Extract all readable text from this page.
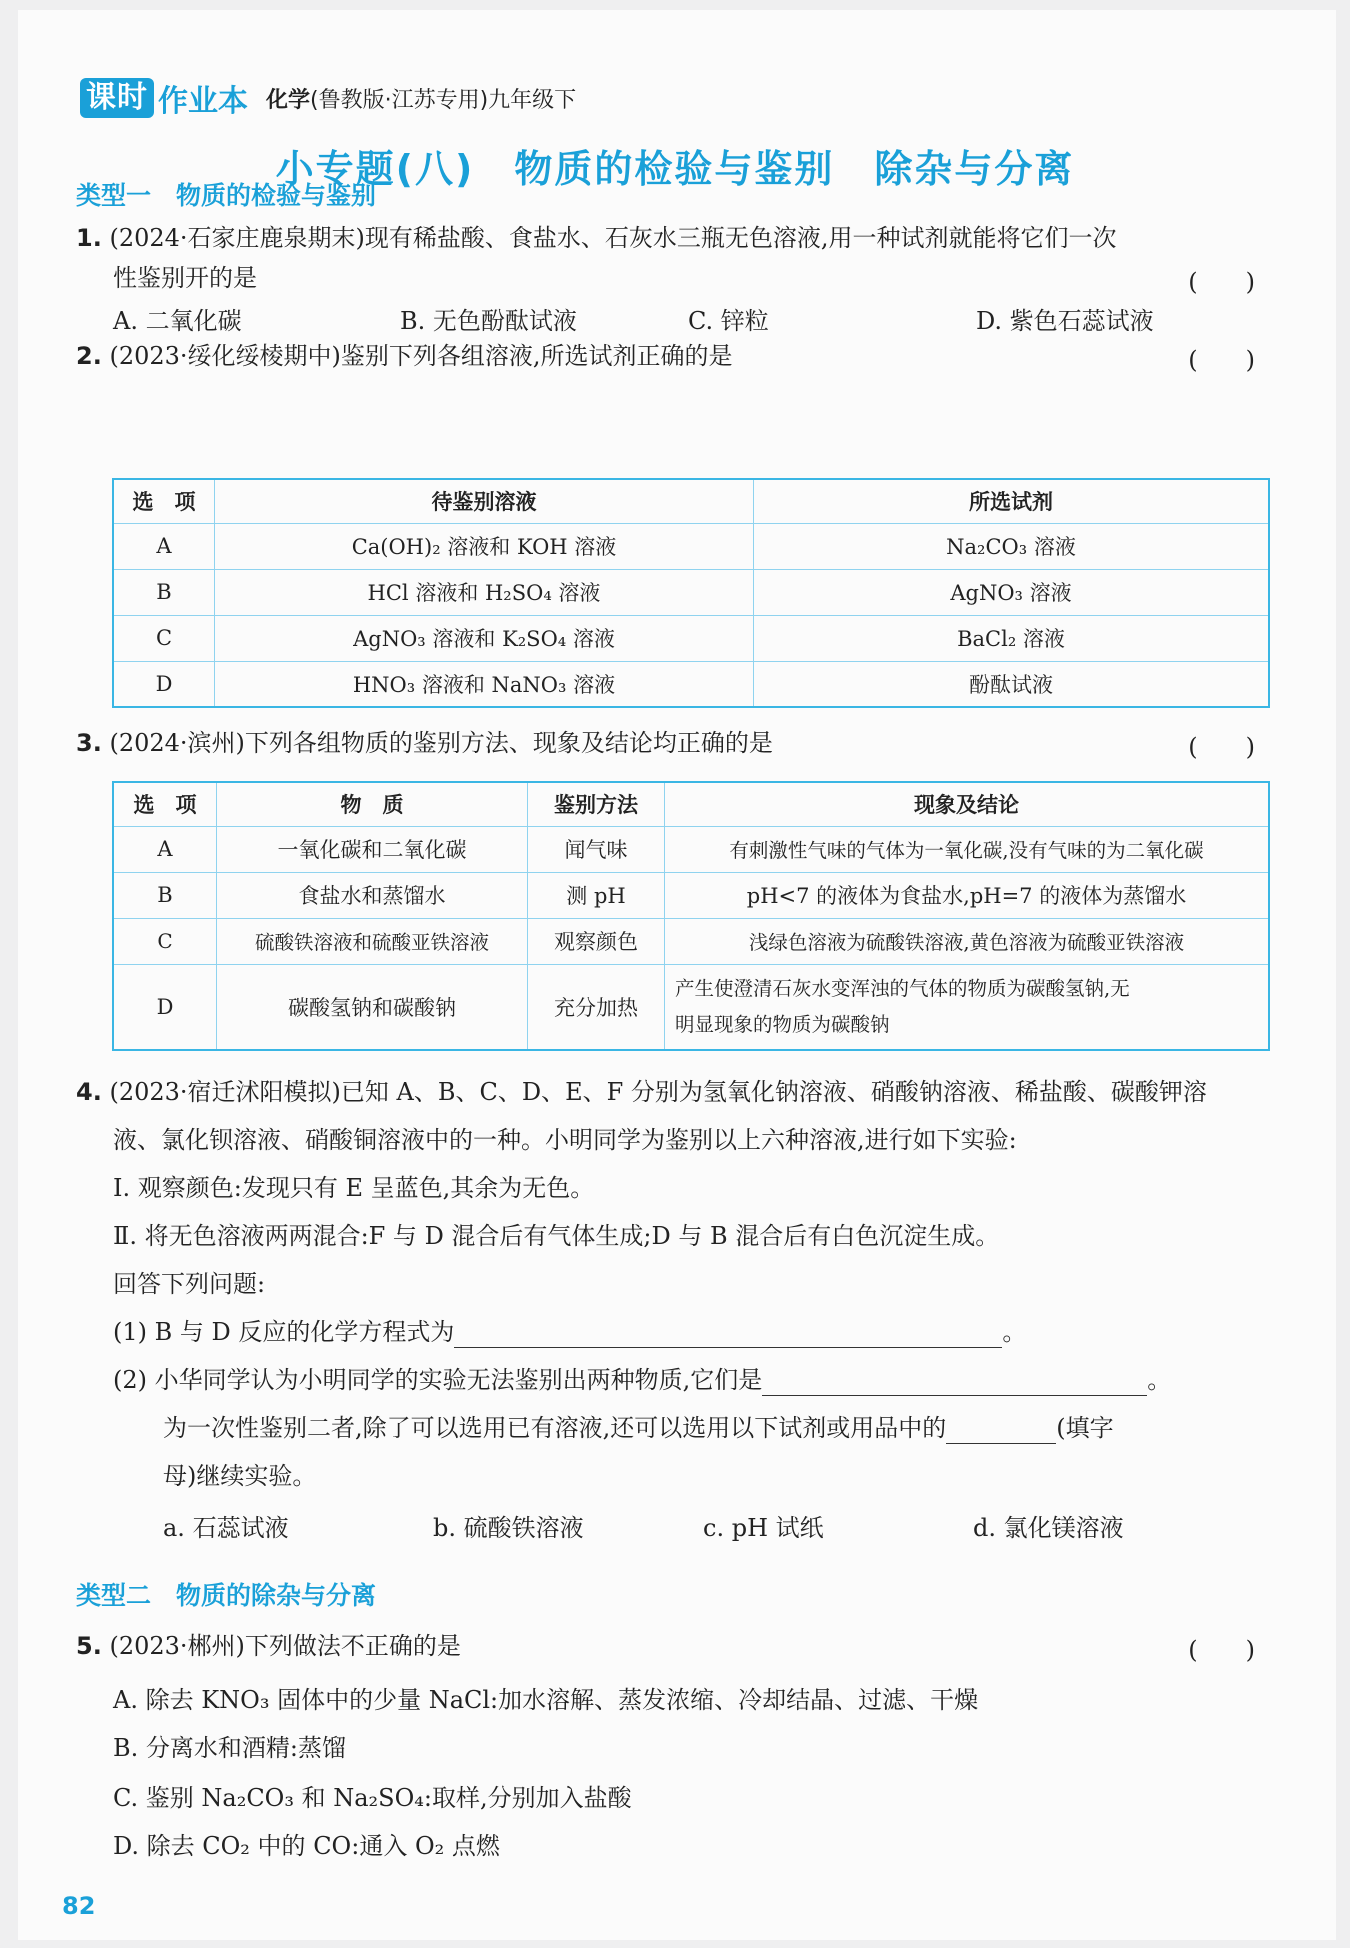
课时 作业本 化学(鲁教版·江苏专用)九年级下
小专题(八)　物质的检验与鉴别　除杂与分离
类型一　物质的检验与鉴别
1. (2024·石家庄鹿泉期末)现有稀盐酸、食盐水、石灰水三瓶无色溶液,用一种试剂就能将它们一次
性鉴别开的是	(　　)
A. 二氧化碳	B. 无色酚酞试液	C. 锌粒	D. 紫色石蕊试液
2. (2023·绥化绥棱期中)鉴别下列各组溶液,所选试剂正确的是	(　　)
选　项	待鉴别溶液	所选试剂
A	Ca(OH)₂ 溶液和 KOH 溶液	Na₂CO₃ 溶液
B	HCl 溶液和 H₂SO₄ 溶液	AgNO₃ 溶液
C	AgNO₃ 溶液和 K₂SO₄ 溶液	BaCl₂ 溶液
D	HNO₃ 溶液和 NaNO₃ 溶液	酚酞试液
3. (2024·滨州)下列各组物质的鉴别方法、现象及结论均正确的是	(　　)
选　项	物　质	鉴别方法	现象及结论
A	一氧化碳和二氧化碳	闻气味	有刺激性气味的气体为一氧化碳,没有气味的为二氧化碳
B	食盐水和蒸馏水	测 pH	pH<7 的液体为食盐水,pH=7 的液体为蒸馏水
C	硫酸铁溶液和硫酸亚铁溶液	观察颜色	浅绿色溶液为硫酸铁溶液,黄色溶液为硫酸亚铁溶液
D	碳酸氢钠和碳酸钠	充分加热	产生使澄清石灰水变浑浊的气体的物质为碳酸氢钠,无
明显现象的物质为碳酸钠
4. (2023·宿迁沭阳模拟)已知 A、B、C、D、E、F 分别为氢氧化钠溶液、硝酸钠溶液、稀盐酸、碳酸钾溶
液、氯化钡溶液、硝酸铜溶液中的一种。小明同学为鉴别以上六种溶液,进行如下实验:
Ⅰ. 观察颜色:发现只有 E 呈蓝色,其余为无色。
Ⅱ. 将无色溶液两两混合:F 与 D 混合后有气体生成;D 与 B 混合后有白色沉淀生成。
回答下列问题:
(1) B 与 D 反应的化学方程式为	。
(2) 小华同学认为小明同学的实验无法鉴别出两种物质,它们是	。
为一次性鉴别二者,除了可以选用已有溶液,还可以选用以下试剂或用品中的	(填字
母)继续实验。
a. 石蕊试液	b. 硫酸铁溶液	c. pH 试纸	d. 氯化镁溶液
类型二　物质的除杂与分离
5. (2023·郴州)下列做法不正确的是	(　　)
A. 除去 KNO₃ 固体中的少量 NaCl:加水溶解、蒸发浓缩、冷却结晶、过滤、干燥
B. 分离水和酒精:蒸馏
C. 鉴别 Na₂CO₃ 和 Na₂SO₄:取样,分别加入盐酸
D. 除去 CO₂ 中的 CO:通入 O₂ 点燃
82
